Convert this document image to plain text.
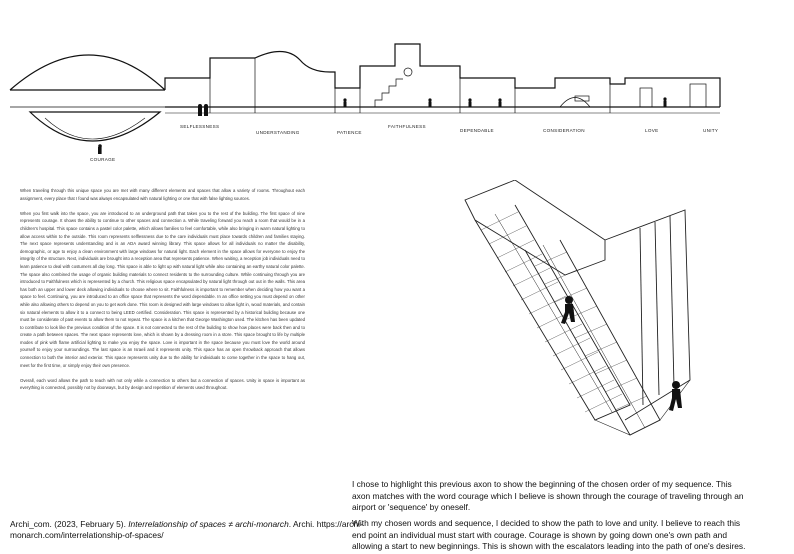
COURAGE
SELFLESSNESS
UNDERSTANDING	PATIENCE
FAITHFULNESS
DEPENDABLE	CONSIDERATION	LOVE	UNITY

When traveling through this unique space you are met with many different elements and spaces that allow a variety of rooms. Throughout each assignment, every place that I found was always encapsulated with natural lighting or one that with false lighting sources.

When you first walk into the space, you are introduced to an underground path that takes you to the rest of the building. The first space of nine represents courage. It shows the ability to continue to other spaces and connection a. While traveling forward you reach a room that would be in a children's hospital. This space contains a pastel color palette, which allows families to feel comfortable, while also bringing in warm natural lighting to allow access within to the outside. This room represents selflessness due to the care individuals must place towards children and families staying. The next space represents understanding and is an ADA award winning library. This space allows for all individuals no matter the disability, demographic, or age to enjoy a clean environment with large windows for natural light. Each element in the space allows for everyone to enjoy the integrity of the structure. Next, individuals are brought into a reception area that represents patience. When waiting, a reception job individuals need to learn patience to deal with costumers all day long. This space is able to light up with natural light while also containing an earthy natural color palette. The space also combined the usage of organic building materials to connect residents to the surrounding culture. While continuing through you are introduced to Faithfulness which is represented by a church. This religious space encapsulated by natural light through out out in the walls. This area has both an upper and lower deck allowing individuals to choose where to sit. Faithfulness is important to remember when deciding how you want a space to feel. Continuing, you are introduced to an office space that represents the word dependable. In an office setting you must depend on other while also allowing others to depend on you to get work done. This room is designed with large windows to allow light in, wood materials, and contain six natural elements to allow it to a connect to being LEED certified. Consideration. This space is represented by a historical building because one must be considerate of past events to allow them to not repeat. The space is a kitchen that George Washington used. The kitchen has been updated to contribute to look like the previous condition of the space. It is not connected to the rest of the building to show how places were back then and to create a path between spaces. The next space represents love, which is shown by a dressing room in a store. This space brought to life by multiple modes of pink with flame artificial lighting to make you enjoy the space. Love is important in the space because you must love the world around yourself to enjoy your surroundings. The last space is an Israeli and it represents unity. This space has an open throwback approach that allows connection to both the interior and exterior. This space represents unity due to the ability for individuals to come together in the space to hang out, meet for the first time, or simply enjoy their own presence.

Overall, each word allows the path to teach with not only while a connection to others but a connection of spaces. Unity in space is important as everything is connected, possibly not by doorways, but by design and repetition of elements used throughout.

I chose to highlight this previous axon to show the beginning of the chosen order of my sequence. This axon matches with the word courage which I believe is shown through the courage of traveling through an airport or 'sequence' by oneself.
With my chosen words and sequence, I decided to show the path to love and unity. I believe to reach this end point an individual must start with courage. Courage is shown by going down one's own path and allowing a start to new beginnings. This is shown with the escalators leading into the path of one's desires.
Archi_com. (2023, February 5). Interrelationship of spaces ≠ archi-monarch. Archi. https://archi-monarch.com/interrelationship-of-spaces/
